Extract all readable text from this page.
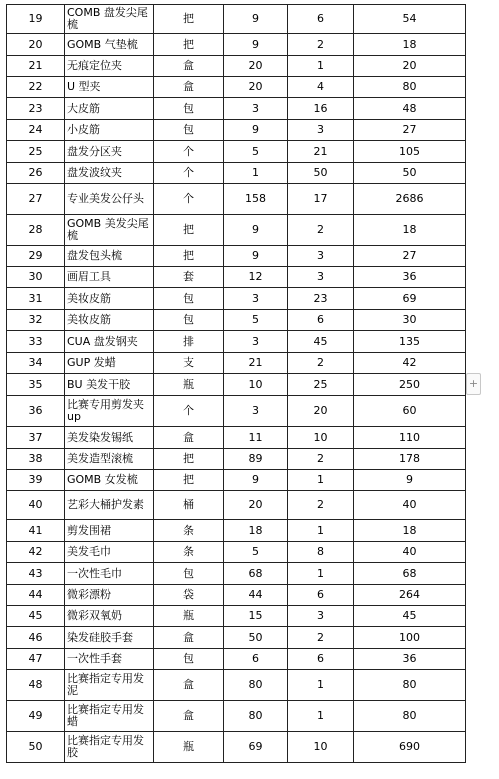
19	COMB 盘发尖尾梳	把	9	6	54
20	GOMB 气垫梳	把	9	2	18
21	无痕定位夹	盒	20	1	20
22	U 型夹	盒	20	4	80
23	大皮筋	包	3	16	48
24	小皮筋	包	9	3	27
25	盘发分区夹	个	5	21	105
26	盘发波纹夹	个	1	50	50
27	专业美发公仔头	个	158	17	2686
28	GOMB 美发尖尾梳	把	9	2	18
29	盘发包头梳	把	9	3	27
30	画眉工具	套	12	3	36
31	美妆皮筋	包	3	23	69
32	美妆皮筋	包	5	6	30
33	CUA 盘发钢夹	排	3	45	135
34	GUP 发蜡	支	21	2	42
35	BU 美发干胶	瓶	10	25	250
36	比赛专用剪发夹 up	个	3	20	60
37	美发染发锡纸	盒	11	10	110
38	美发造型滚梳	把	89	2	178
39	GOMB 女发梳	把	9	1	9
40	艺彩大桶护发素	桶	20	2	40
41	剪发围裙	条	18	1	18
42	美发毛巾	条	5	8	40
43	一次性毛巾	包	68	1	68
44	微彩漂粉	袋	44	6	264
45	微彩双氧奶	瓶	15	3	45
46	染发硅胶手套	盒	50	2	100
47	一次性手套	包	6	6	36
48	比赛指定专用发泥	盒	80	1	80
49	比赛指定专用发蜡	盒	80	1	80
50	比赛指定专用发胶	瓶	69	10	690
+
